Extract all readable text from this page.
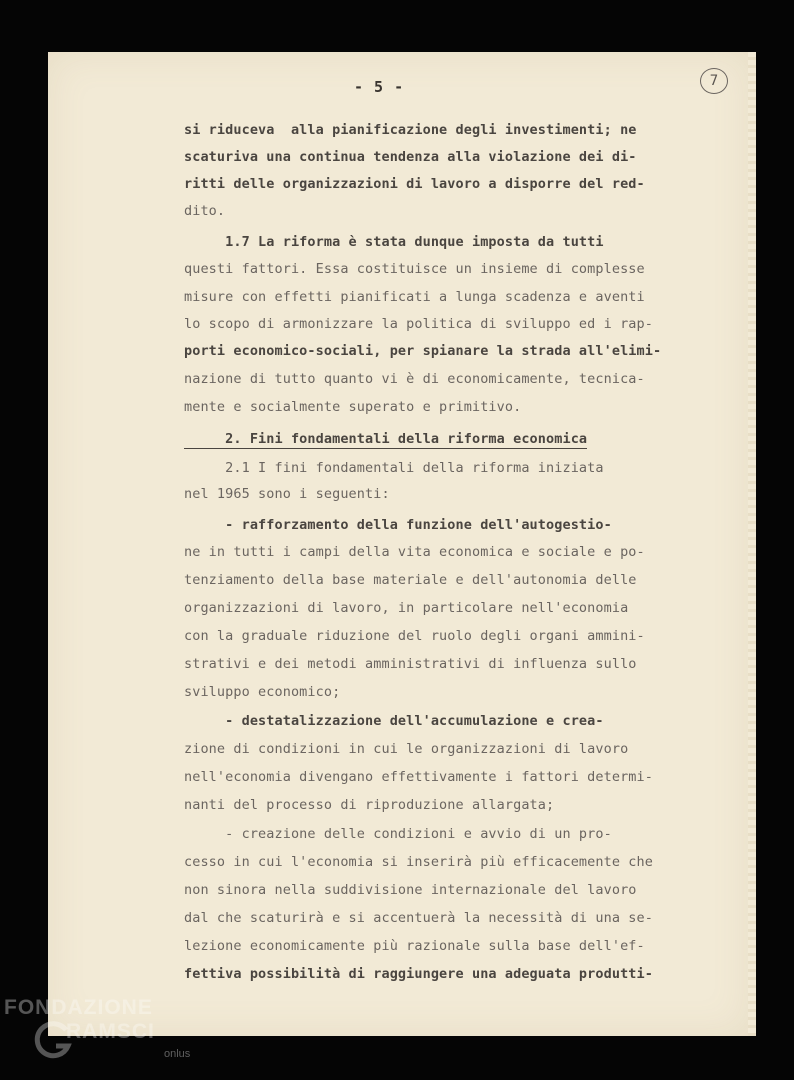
- 5 -	7
si riduceva  alla pianificazione degli investimenti; ne
scaturiva una continua tendenza alla violazione dei di-
ritti delle organizzazioni di lavoro a disporre del red-
dito.
1.7 La riforma è stata dunque imposta da tutti
questi fattori. Essa costituisce un insieme di complesse
misure con effetti pianificati a lunga scadenza e aventi
lo scopo di armonizzare la politica di sviluppo ed i rap-
porti economico-sociali, per spianare la strada all'elimi-
nazione di tutto quanto vi è di economicamente, tecnica-
mente e socialmente superato e primitivo.
2. Fini fondamentali della riforma economica
2.1 I fini fondamentali della riforma iniziata
nel 1965 sono i seguenti:
- rafforzamento della funzione dell'autogestio-
ne in tutti i campi della vita economica e sociale e po-
tenziamento della base materiale e dell'autonomia delle
organizzazioni di lavoro, in particolare nell'economia
con la graduale riduzione del ruolo degli organi ammini-
strativi e dei metodi amministrativi di influenza sullo
sviluppo economico;
- destatalizzazione dell'accumulazione e crea-
zione di condizioni in cui le organizzazioni di lavoro
nell'economia divengano effettivamente i fattori determi-
nanti del processo di riproduzione allargata;
- creazione delle condizioni e avvio di un pro-
cesso in cui l'economia si inserirà più efficacemente che
non sinora nella suddivisione internazionale del lavoro
dal che scaturirà e si accentuerà la necessità di una se-
lezione economicamente più razionale sulla base dell'ef-
fettiva possibilità di raggiungere una adeguata produtti-
FONDAZIONE
RAMSCI
onlus
